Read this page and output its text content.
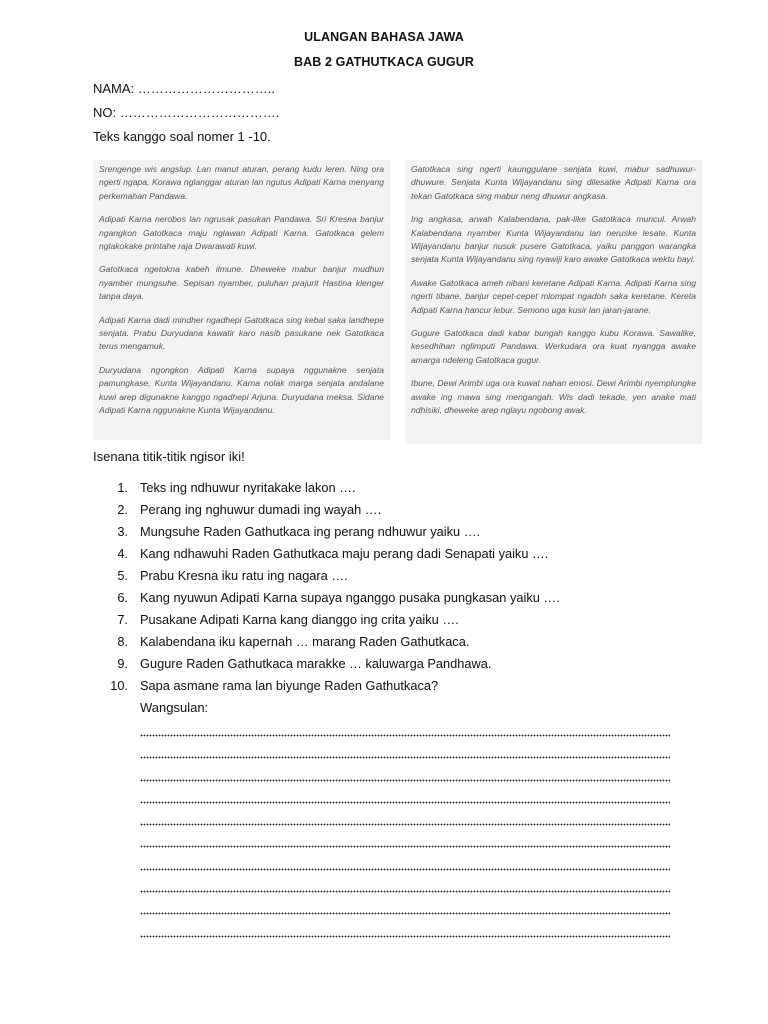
ULANGAN BAHASA JAWA
BAB 2 GATHUTKACA GUGUR
NAMA: …………………………..
NO: ……………………………….
Teks kanggo soal nomer 1 -10.

Srengenge wis angslup. Lan manut aturan, perang kudu leren. Ning ora ngerti ngapa, Korawa nglanggar aturan lan ngutus Adipati Karna menyang perkemahan Pandawa.

Adipati Karna nerobos lan ngrusak pasukan Pandawa. Sri Kresna banjur ngangkon Gatotkaca maju nglawan Adipati Karna. Gatotkaca gelem nglakokake printahe raja Dwarawati kuwi.

Gatotkaca ngetokna kabeh ilmune. Dheweke mabur banjur mudhun nyamber mungsuhe. Sepisan nyamber, puluhan prajurit Hastina klenger tanpa daya.

Adipati Karna dadi mindher ngadhepi Gatotkaca sing kebal saka landhepe senjata. Prabu Duryudana kawatir karo nasib pasukane nek Gatotkaca terus mengamuk.

Duryudana ngongkon Adipati Karna supaya nggunakne senjata pamungkase, Kunta Wijayandanu. Karna nolak marga senjata andalane kuwi arep digunakne kanggo ngadhepi Arjuna. Duryudana meksa. Sidane Adipati Karna nggunakne Kunta Wijayandanu.

Gatotkaca sing ngerti kaunggulane senjata kuwi, mabur sadhuwur-dhuwure. Senjata Kunta Wijayandanu sing dilesatke Adipati Karna ora tekan Gatotkaca sing mabur neng dhuwur angkasa.

Ing angkasa, arwah Kalabendana, pak-like Gatotkaca muncul. Arwah Kalabendana nyamber Kunta Wijayandanu lan neruske lesate. Kunta Wijayandanu banjur nusuk pusere Gatotkaca, yaiku panggon warangka senjata Kunta Wijayandanu sing nyawiji karo awake Gatotkaca wektu bayi.

Awake Gatotkaca ameh nibani keretane Adipati Karna. Adipati Karna sing ngerti tibane, banjur cepet-cepet mlompat ngadoh saka keretane. Kereta Adipati Karna hancur lebur. Semono uga kusir lan jaran-jarane.

Gugure Gatotkaca dadi kabar bungah kanggo kubu Korawa. Sawalike, kesedhihan nglimputi Pandawa. Werkudara ora kuat nyangga awake amarga ndeleng Gatotkaca gugur.

Ibune, Dewi Arimbi uga ora kuwat nahan emosi. Dewi Arimbi nyemplungke awake ing mawa sing mengangah. Wis dadi tekade, yen anake mati ndhisiki, dheweke arep nglayu ngobong awak.

Isenana titik-titik ngisor iki!
1. Teks ing ndhuwur nyritakake lakon ….
2. Perang ing nghuwur dumadi ing wayah ….
3. Mungsuhe Raden Gathutkaca ing perang ndhuwur yaiku ….
4. Kang ndhawuhi Raden Gathutkaca maju perang dadi Senapati yaiku ….
5. Prabu Kresna iku ratu ing nagara ….
6. Kang nyuwun Adipati Karna supaya nganggo pusaka pungkasan yaiku ….
7. Pusakane Adipati Karna kang dianggo ing crita yaiku ….
8. Kalabendana iku kapernah … marang Raden Gathutkaca.
9. Gugure Raden Gathutkaca marakke … kaluwarga Pandhawa.
10. Sapa asmane rama lan biyunge Raden Gathutkaca?
Wangsulan:
